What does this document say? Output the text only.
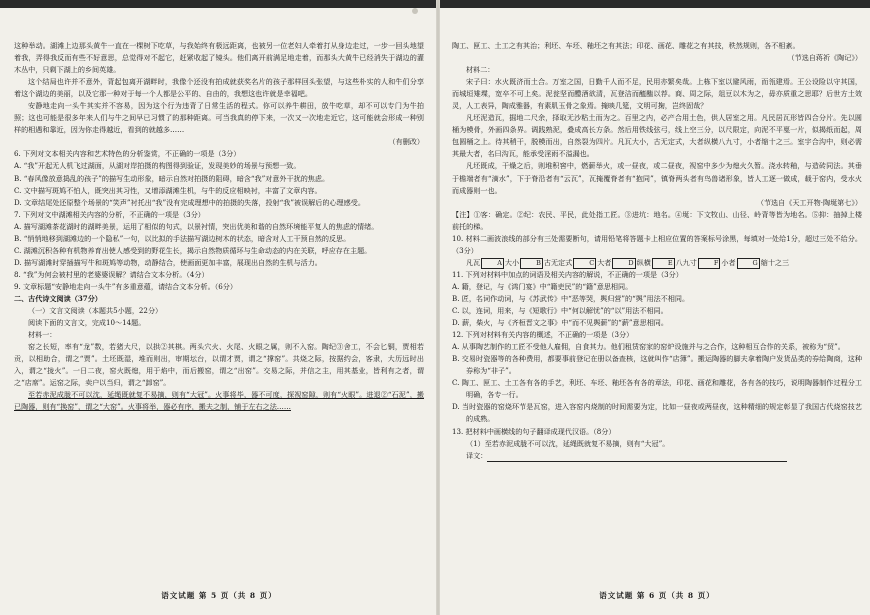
这种举动。湖滩上边那头黄牛一直在一棵树下吃草，与我始终有极远距离，也被另一位老妇人牵着打从身边走过，一步一回头地望着我，弄得我反而有些不好意思，总觉得对不起它，赶紧收起了镜头。他们离开前满足地走着，而那头大黄牛已经消失于湖边的灌木丛中，只剩下湖上的乡间英雄。

这个结局也许并不意外，背起包离开湖畔时，我像个还没有拍成就获奖名片的孩子那样回头张望，与这些朴实的人和牛们分享着这个湖边的美丽，以及它那一种对于每一个人都是公平的、自由的，我想这也许就是幸福吧。

安静地走向一头牛其实并不容易，因为这个行为违背了日常生活的程式。你可以养牛耕田，放牛吃草，却不可以专门为牛拍照；这也可能是很多年来人们与牛之间早已习惯了的那种距离。可当我真的停下来，一次又一次地走近它，这可能就会形成一种别样的相遇和靠近，因为你走得越近，看到的就越多……

（有删改）

6. 下列对文本相关内容和艺术特色的分析鉴赏，不正确的一项是（3分）

A. “我”开起无人机飞过湖面，从湖对岸拍摄的构图得到验证，发现美妙的场景与预想一致。

B. “春风像放意捣乱的孩子”的描写生动形象，暗示自然对拍摄的阻碍，暗含“我”对意外干扰的焦虑。

C. 文中描写斑鸠不怕人，既突出其习性，又增添湖滩生机，与牛的反应相映衬，丰富了文章内容。

D. 文章结尾处还原整个场景的“笑声”衬托出“我”没有完成理想中的拍摄的失落，投射“我”被误解后的心理感受。

7. 下列对文中湖滩相关内容的分析，不正确的一项是（3分）

A. 描写湖滩茶花湖时的湖畔美景，运用了相似的句式，以景衬情，突出优美和谐的自然环境能平复人的焦虑的情绪。

B. “悄悄地移到湖滩边的一个隐私”一句，以比拟的手法描写湖边树木的状态，暗含对人工干预自然的反思。

C. 湖滩沉积各种有机物养育出使人感受到的野花生长，揭示自然物质循环与生命动态的内在关联，呼应存在主题。

D. 描写湖滩时穿插描写牛和斑鸠等动物，动静结合，使画面更加丰富，展现出自然的生机与活力。

8. “我”为何会被村里的老婆婆误解？请结合文本分析。（4分）

9. 文章标题“安静地走向一头牛”有多重意蕴，请结合文本分析。（6分）

二、古代诗文阅读（37分）

（一）文言文阅读（本题共5小题，22分）

阅读下面的文言文，完成10～14题。

材料一：

窑之长短，率有“龙”数，若猪大尺，以拱②其棋。两头穴火、火尾、火眼之属，则不入窑。陶纪③舍工，不会匕铜，贾相若贡，以相助合，谓之“贾”。土坯既湿，堆而则出，审期坛台，以谓才贾，谓之“撑窑”。共烧之际，按据约会，客隶，大历远时出入，谓之“拢火”。一日二夜，窑火既熄，用于焰中，而后搬窑，谓之“出窑”。交易之际，并信之主，用其基业，皆利有之者，谓之“店席”。运窑之际，卖户以当归，谓之“卸窑”。

至若赤泥成胧不可以沈，延绳既就复不易摘，则有“大冠”。火事将毕，器不可度，探视窑隙，则有“火眼”。进退②“石泥”，搬已陶器，则有“换窑”，谓之“大窑”。火事将举，器必有序，搬夫之制，铺于左右之法……

语文试题 第 5 页（共 8 页）

陶工、匣工、土工之有其治；利坯、车坯、釉坯之有其法；印花、画花、雕花之有其技，秩然规则，各不相紊。

（节选自蒋祈《陶记》）

材料二：

宋子曰：水火既济而土合。万室之国，日勤千人而不足，民用亦繁矣哉。上栋下室以避风雨，而瓴建焉。王公设险以守其国，而城垣雉堞，宽卒不可上矣。泥瓮坚而醴酒欲清，瓦登洁而醯醢以荐。商、周之际，俎豆以木为之，毋亦质重之思耶？后世方土效灵，人工表异，陶成雅器，有素肌玉骨之象焉。掩映几筵，文明可掬，岂终固哉？

凡坯泥造瓦，掘地二尺余，择取无沙粘土而为之。百里之内，必产合用土色，供人居室之用。凡民居瓦形皆四合分片。先以圆桶为模骨，外画四条界。调践熟泥，叠成高长方条。然后用铁线弦弓，线上空三分，以尺限定，向泥不平戛一片，似揭纸而起，周包圆桶之上。待其稍干，脱模而出，自然裂为四片。凡瓦大小，古无定式，大者纵横八九寸，小者缩十之三。室宇合沟中，则必需其最大者，名曰沟瓦，能承受淫雨不溢漏也。

凡坯既成，干燥之后，则堆积窖中，燃薪举火，或一昼夜，或二昼夜，视窑中多少为熄火久暂。浇水转釉，与造砖同法。其垂于檐端者有“滴水”，下于脊沿者有“云瓦”，瓦掩覆脊者有“抱同”，镇脊两头者有鸟兽诸形象，皆人工逐一做成，载于窑内，受水火而成器则一也。

（节选自《天工开物·陶埏第七》）

【注】①客：确定。②纪：农民、平民，此处指工匠。③进坑：地名。④埏：下文牧山、山径、岭背等皆为地名。⑤抑：抽掉上楼前托的梯。

10. 材料二画波浪线的部分有三处需要断句，请用铅笔将答题卡上相应位置的答案标号涂黑，每填对一处给1分，超过三处不给分。（3分）

凡瓦	A 大小	B 古无定式	C 大者	D 纵横	E 八九寸	F 小者	G 缩十之三

11. 下列对材料中加点的词语及相关内容的解说，不正确的一项是（3分）

A. 籍，登记，与《鸿门宴》中“籍吏民”的“籍”意思相同。

B. 匠，名词作动词，与《苏武传》中“恶等哭，舆归营”的“舆”用法不相同。

C. 以，连词，用来，与《短歌行》中“何以解忧”的“以”用法不相同。

D. 薪，柴火，与《齐桓晋文之事》中“而不见舆薪”的“薪”意思相同。

12. 下列对材料有关内容的概述，不正确的一项是（3分）

A. 从事陶艺制作的工匠不受他人雇佣，自食其力。他们租赁窑家的窑炉设施并与之合作，这种相互合作的关系，被称为“贸”。

B. 交易时瓷器等的各种费用，都要事前登记在册以备查核，这就叫作“店簿”。搬运陶器的脚夫拿着陶户发货品类的券给陶商，这种券称为“非子”。

C. 陶工、匣工、土工各有各的手艺，利坯、车坯、釉坯各有各的章法，印花、画花和雕花，各有各的技巧，说明陶器制作过程分工明确，各专一行。

D. 当时瓷器的窑烧环节是瓦窑，进入容窑内烧制的时间需要为定，比如一昼夜或两昼夜，这种精细的规定彰显了我国古代烧窑技艺的成熟。

13. 把材料中画横线的句子翻译成现代汉语。（8分）

（1）至若赤泥成胧不可以沈，延绳既就复不易摘，则有“大冠”。

译文：

语文试题 第 6 页（共 8 页）
